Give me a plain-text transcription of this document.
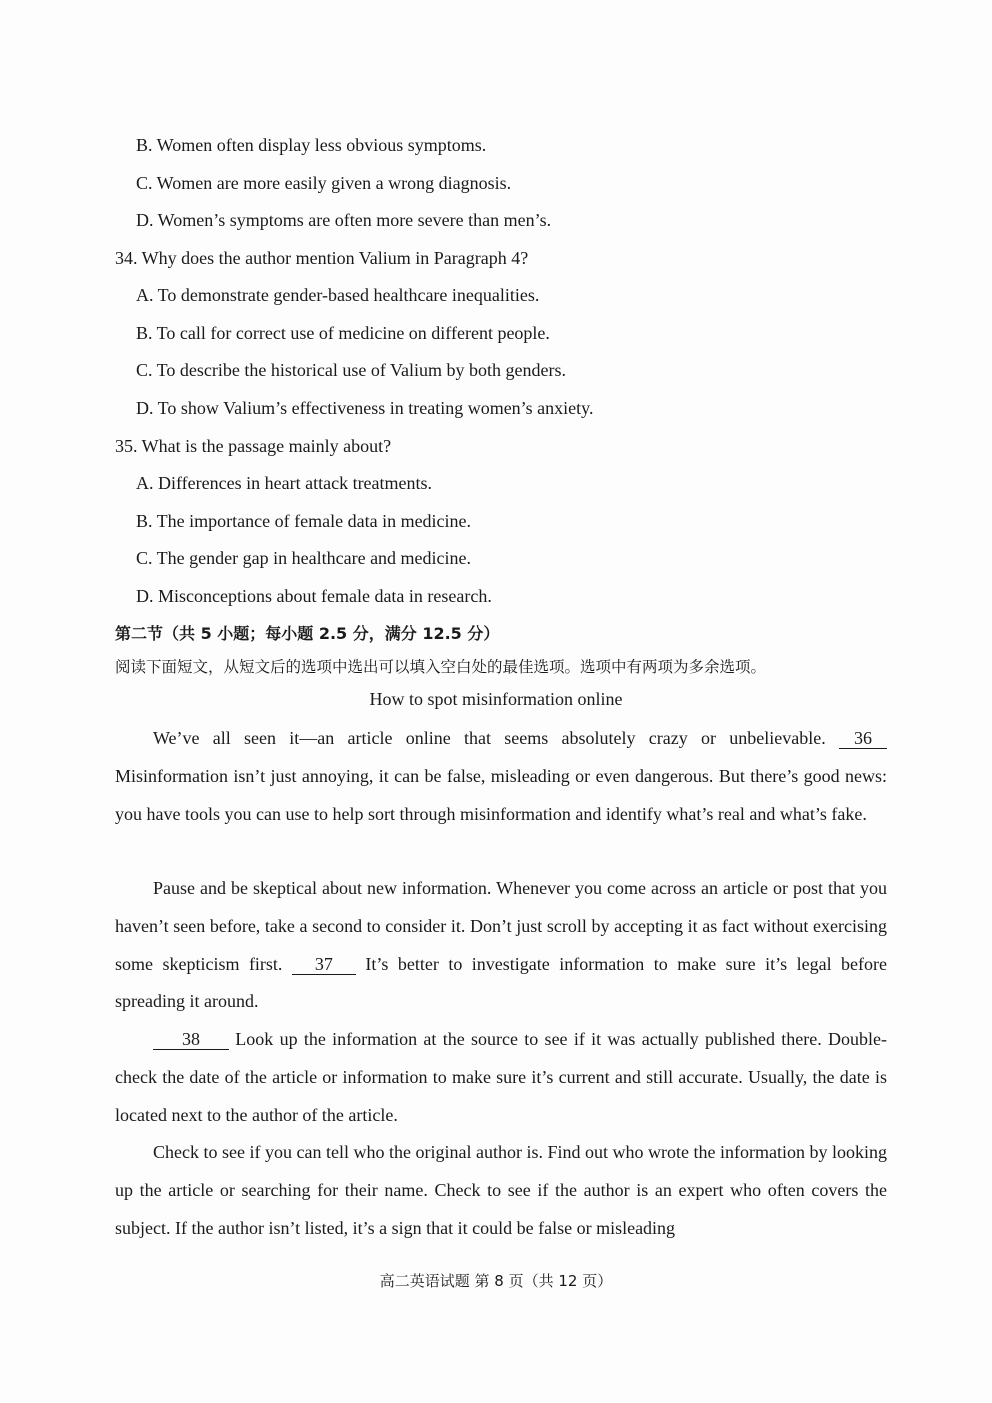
B. Women often display less obvious symptoms.
C. Women are more easily given a wrong diagnosis.
D. Women’s symptoms are often more severe than men’s.
34. Why does the author mention Valium in Paragraph 4?
A. To demonstrate gender-based healthcare inequalities.
B. To call for correct use of medicine on different people.
C. To describe the historical use of Valium by both genders.
D. To show Valium’s effectiveness in treating women’s anxiety.
35. What is the passage mainly about?
A. Differences in heart attack treatments.
B. The importance of female data in medicine.
C. The gender gap in healthcare and medicine.
D. Misconceptions about female data in research.
第二节（共 5 小题；每小题 2.5 分，满分 12.5 分）
阅读下面短文，从短文后的选项中选出可以填入空白处的最佳选项。选项中有两项为多余选项。
How to spot misinformation online

We’ve all seen it—an article online that seems absolutely crazy or unbelievable. 36 Misinformation isn’t just annoying, it can be false, misleading or even dangerous. But there’s good news: you have tools you can use to help sort through misinformation and identify what’s real and what’s fake.

Pause and be skeptical about new information. Whenever you come across an article or post that you haven’t seen before, take a second to consider it. Don’t just scroll by accepting it as fact without exercising some skepticism first. 37 It’s better to investigate information to make sure it’s legal before spreading it around.

38 Look up the information at the source to see if it was actually published there. Double-check the date of the article or information to make sure it’s current and still accurate. Usually, the date is located next to the author of the article.

Check to see if you can tell who the original author is. Find out who wrote the information by looking up the article or searching for their name. Check to see if the author is an expert who often covers the subject. If the author isn’t listed, it’s a sign that it could be false or misleading

高二英语试题 第 8 页（共 12 页）
